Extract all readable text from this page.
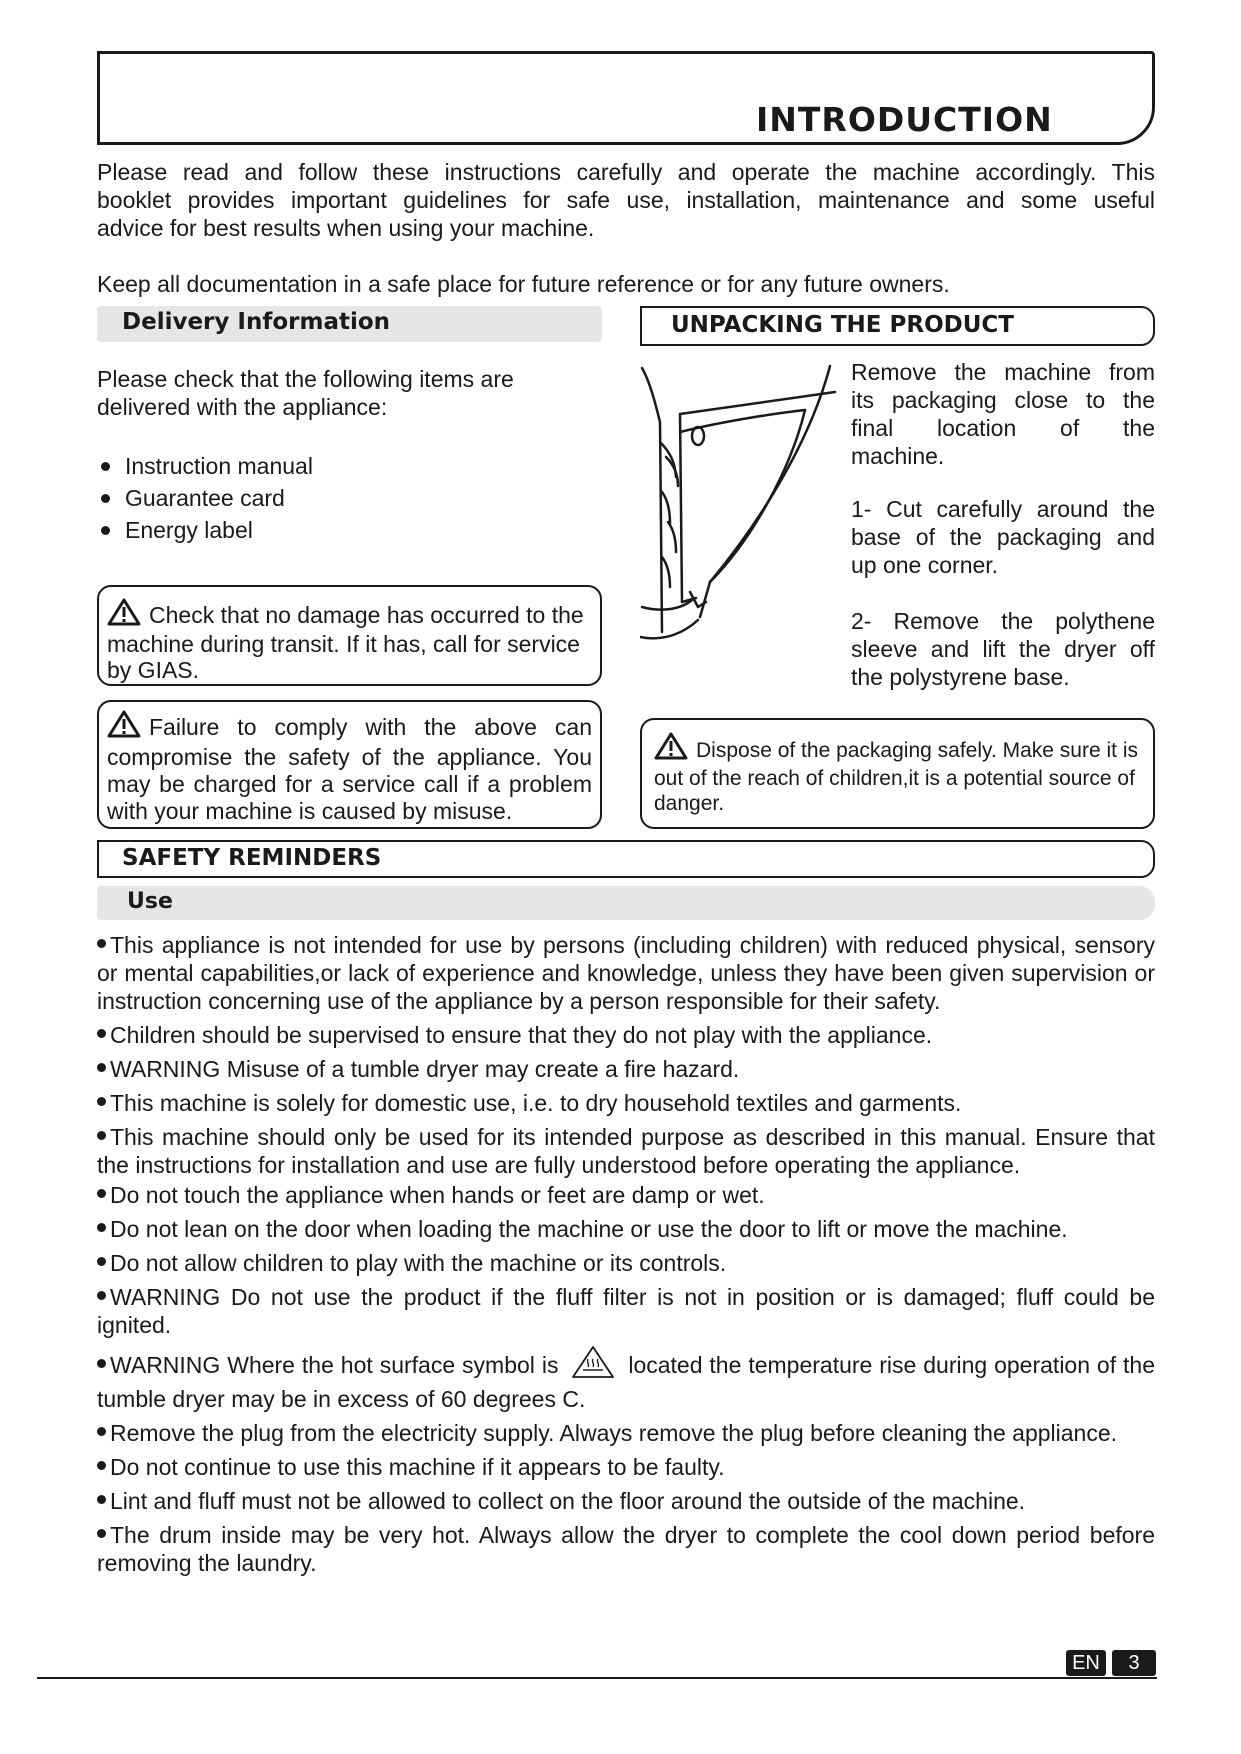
INTRODUCTION
Please read and follow these instructions carefully and operate the machine accordingly. This
booklet provides important guidelines for safe use, installation, maintenance and some useful
advice for best results when using your machine.
Keep all documentation in a safe place for future reference or for any future owners.
Delivery Information
Please check that the following items are
delivered with the appliance:
Instruction manual
Guarantee card
Energy label
Check that no damage has occurred to the machine during transit. If it has, call for service by GIAS.
Failure to comply with the above can compromise the safety of the appliance. You may be charged for a service call if a problem with your machine is caused by misuse.
UNPACKING THE PRODUCT
Remove the machine from
its packaging close to the
final location of the
machine.
1- Cut carefully around the
base of the packaging and
up one corner.
2- Remove the polythene
sleeve and lift the dryer off
the polystyrene base.
Dispose of the packaging safely. Make sure it is out of the reach of children,it is a potential source of danger.
SAFETY REMINDERS
Use

This appliance is not intended for use by persons (including children) with reduced physical, sensory or mental capabilities,or lack of experience and knowledge, unless they have been given supervision or instruction concerning use of the appliance by a person responsible for their safety.

Children should be supervised to ensure that they do not play with the appliance.

WARNING Misuse of a tumble dryer may create a fire hazard.

This machine is solely for domestic use, i.e. to dry household textiles and garments.

This machine should only be used for its intended purpose as described in this manual. Ensure that the instructions for installation and use are fully understood before operating the appliance.

Do not touch the appliance when hands or feet are damp or wet.

Do not lean on the door when loading the machine or use the door to lift or move the machine.

Do not allow children to play with the machine or its controls.

WARNING Do not use the product if the fluff filter is not in position or is damaged; fluff could be ignited.

WARNING Where the hot surface symbol is	located the temperature rise during operation of the tumble dryer may be in excess of 60 degrees C.

Remove the plug from the electricity supply. Always remove the plug before cleaning the appliance.

Do not continue to use this machine if it appears to be faulty.

Lint and fluff must not be allowed to collect on the floor around the outside of the machine.

The drum inside may be very hot. Always allow the dryer to complete the cool down period before removing the laundry.

EN	3
